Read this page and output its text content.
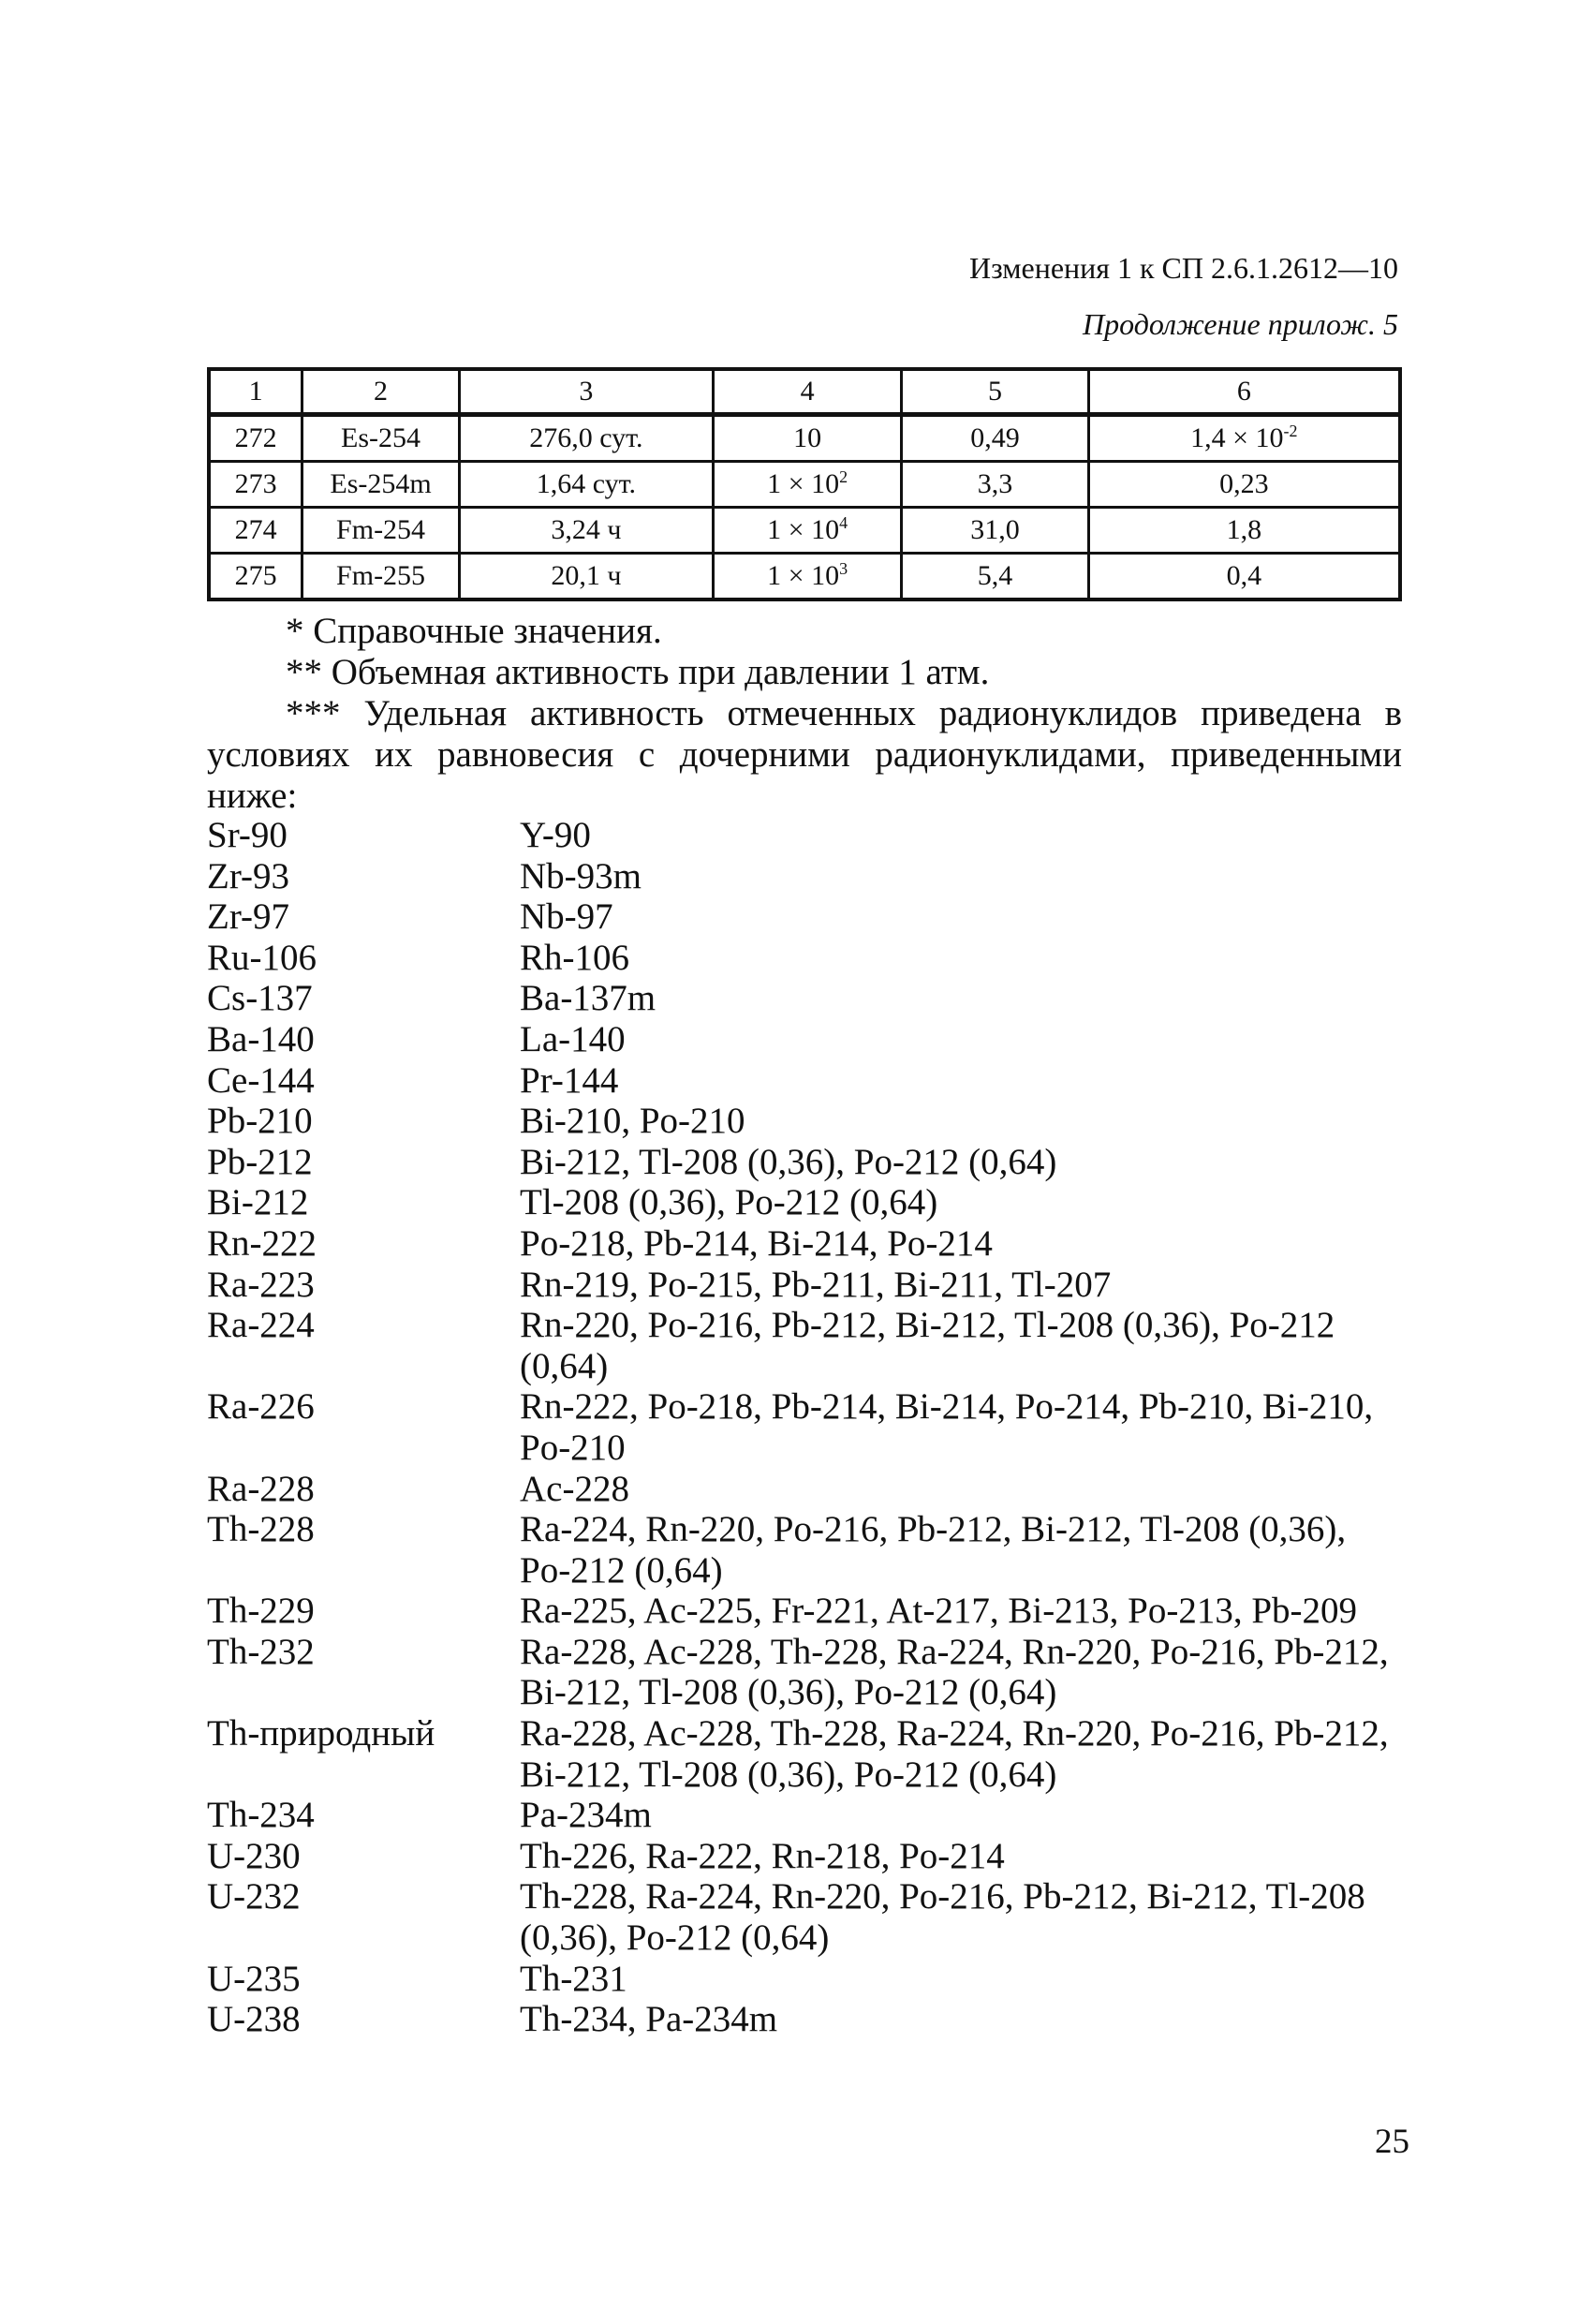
Изменения 1 к СП 2.6.1.2612—10
Продолжение прилож. 5
1	2	3	4	5	6
272	Es-254	276,0 сут.	10	0,49	$1,4 \times 10^{-2}$
273	Es-254m	1,64 сут.	$1 \times 10^2$	3,3	0,23
274	Fm-254	3,24 ч	$1 \times 10^4$	31,0	1,8
275	Fm-255	20,1 ч	$1 \times 10^3$	5,4	0,4

* Справочные значения.

** Объемная активность при давлении 1 атм.

*** Удельная активность отмеченных радионуклидов приведена в условиях их равновесия с дочерними радионуклидами, приведенными ниже:

Sr-90	Y-90
Zr-93	Nb-93m
Zr-97	Nb-97
Ru-106	Rh-106
Cs-137	Ba-137m
Ba-140	La-140
Ce-144	Pr-144
Pb-210	Bi-210, Po-210
Pb-212	Bi-212, Tl-208 (0,36), Po-212 (0,64)
Bi-212	Tl-208 (0,36), Po-212 (0,64)
Rn-222	Po-218, Pb-214, Bi-214, Po-214
Ra-223	Rn-219, Po-215, Pb-211, Bi-211, Tl-207
Ra-224	Rn-220, Po-216, Pb-212, Bi-212, Tl-208 (0,36), Po-212 (0,64)
Ra-226	Rn-222, Po-218, Pb-214, Bi-214, Po-214, Pb-210, Bi-210, Po-210
Ra-228	Ac-228
Th-228	Ra-224, Rn-220, Po-216, Pb-212, Bi-212, Tl-208 (0,36), Po-212 (0,64)
Th-229	Ra-225, Ac-225, Fr-221, At-217, Bi-213, Po-213, Pb-209
Th-232	Ra-228, Ac-228, Th-228, Ra-224, Rn-220, Po-216, Pb-212, Bi-212, Tl-208 (0,36), Po-212 (0,64)
Th-природный	Ra-228, Ac-228, Th-228, Ra-224, Rn-220, Po-216, Pb-212, Bi-212, Tl-208 (0,36), Po-212 (0,64)
Th-234	Pa-234m
U-230	Th-226, Ra-222, Rn-218, Po-214
U-232	Th-228, Ra-224, Rn-220, Po-216, Pb-212, Bi-212, Tl-208 (0,36), Po-212 (0,64)
U-235	Th-231
U-238	Th-234, Pa-234m
25
